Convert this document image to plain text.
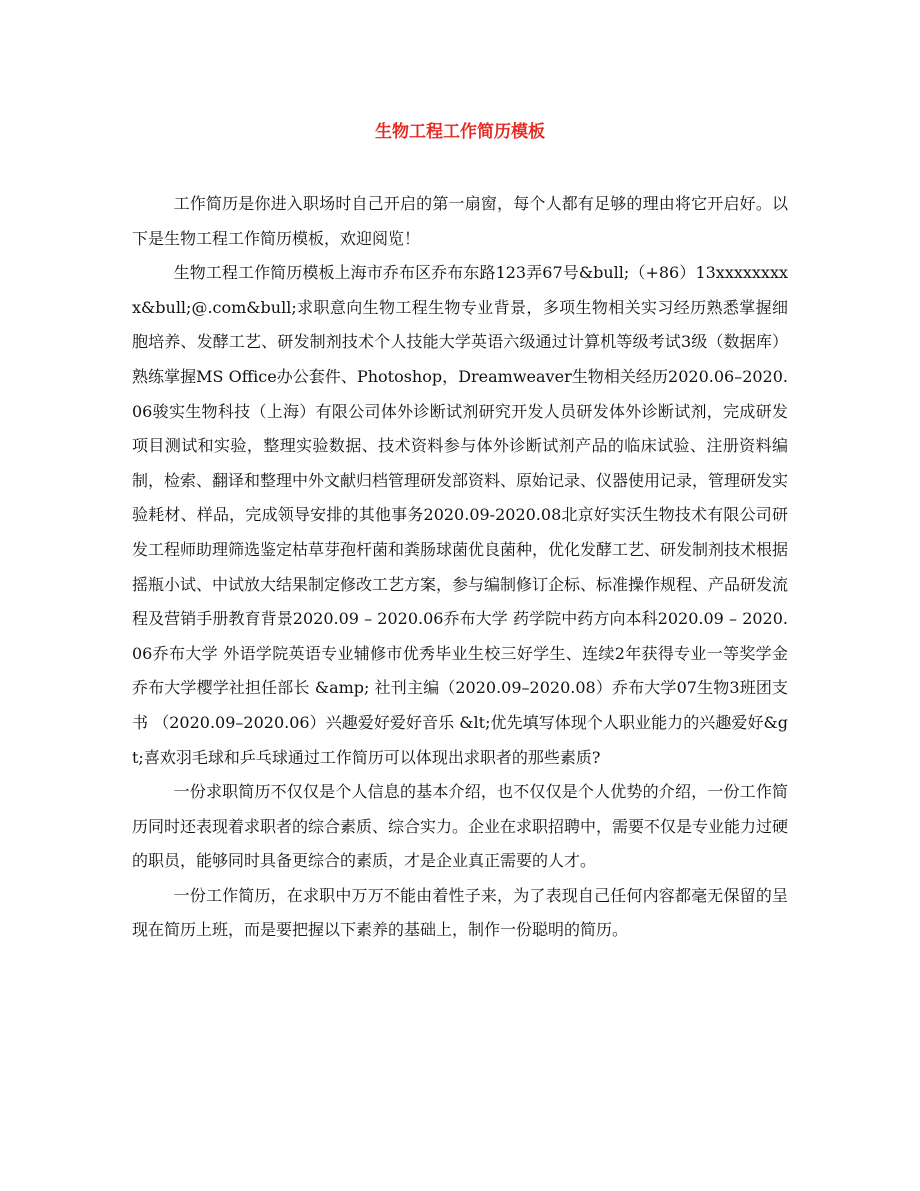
生物工程工作简历模板

工作简历是你进入职场时自己开启的第一扇窗，每个人都有足够的理由将它开启好。以下是生物工程工作简历模板，欢迎阅览！

生物工程工作简历模板上海市乔布区乔布东路123弄67号&bull;（+86）13xxxxxxxxx&bull;@.com&bull;求职意向生物工程生物专业背景，多项生物相关实习经历熟悉掌握细胞培养、发酵工艺、研发制剂技术个人技能大学英语六级通过计算机等级考试3级（数据库）熟练掌握MS Office办公套件、Photoshop，Dreamweaver生物相关经历2020.06–2020.06骏实生物科技（上海）有限公司体外诊断试剂研究开发人员研发体外诊断试剂，完成研发项目测试和实验，整理实验数据、技术资料参与体外诊断试剂产品的临床试验、注册资料编制，检索、翻译和整理中外文献归档管理研发部资料、原始记录、仪器使用记录，管理研发实验耗材、样品，完成领导安排的其他事务2020.09-2020.08北京好实沃生物技术有限公司研发工程师助理筛选鉴定枯草芽孢杆菌和粪肠球菌优良菌种，优化发酵工艺、研发制剂技术根据摇瓶小试、中试放大结果制定修改工艺方案，参与编制修订企标、标准操作规程、产品研发流程及营销手册教育背景2020.09 – 2020.06乔布大学 药学院中药方向本科2020.09 – 2020.06乔布大学 外语学院英语专业辅修市优秀毕业生校三好学生、连续2年获得专业一等奖学金乔布大学樱学社担任部长 &amp; 社刊主编（2020.09–2020.08）乔布大学07生物3班团支书 （2020.09–2020.06）兴趣爱好爱好音乐 &lt;优先填写体现个人职业能力的兴趣爱好&gt;喜欢羽毛球和乒乓球通过工作简历可以体现出求职者的那些素质?

一份求职简历不仅仅是个人信息的基本介绍，也不仅仅是个人优势的介绍，一份工作简历同时还表现着求职者的综合素质、综合实力。企业在求职招聘中，需要不仅是专业能力过硬的职员，能够同时具备更综合的素质，才是企业真正需要的人才。

一份工作简历，在求职中万万不能由着性子来，为了表现自己任何内容都毫无保留的呈现在简历上班，而是要把握以下素养的基础上，制作一份聪明的简历。
